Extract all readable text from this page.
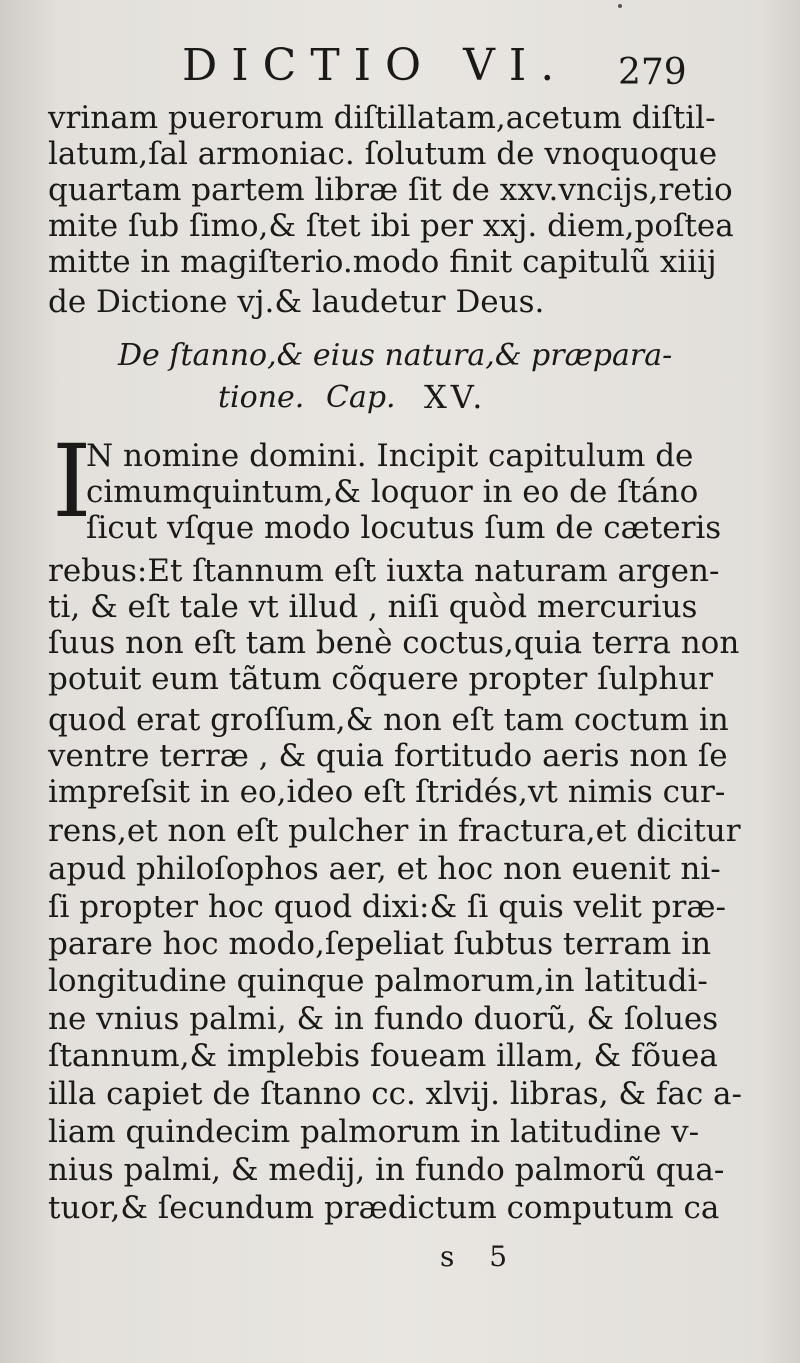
DICTIO VI. 279
vrinam puerorum diſtillatam,acetum diſtil-
latum,ſal armoniac. ſolutum de vnoquoque
quartam partem libræ ſit de xxv.vncijs,retio
mite ſub ſimo,& ſtet ibi per xxj. diem,poſtea
mitte in magiſterio.modo finit capitulũ xiiij
de Dictione vj.& laudetur Deus.
De ſtanno,& eius natura,& præpara-
tione. Cap. XV.
I
N nomine domini. Incipit capitulum de
cimumquintum,& loquor in eo de ſtáno
ſicut vſque modo locutus ſum de cæteris
rebus:Et ſtannum eſt iuxta naturam argen-
ti, & eſt tale vt illud , niſi quòd mercurius
ſuus non eſt tam benè coctus,quia terra non
potuit eum tãtum cõquere propter ſulphur
quod erat groſſum,& non eſt tam coctum in
ventre terræ , & quia fortitudo aeris non ſe
impreſsit in eo,ideo eſt ſtridés,vt nimis cur-
rens,et non eſt pulcher in fractura,et dicitur
apud philoſophos aer, et hoc non euenit ni-
ſi propter hoc quod dixi:& ſi quis velit præ-
parare hoc modo,ſepeliat ſubtus terram in
longitudine quinque palmorum,in latitudi-
ne vnius palmi, & in fundo duorũ, & ſolues
ſtannum,& implebis foueam illam, & fõuea
illa capiet de ſtanno cc. xlvij. libras, & fac a-
liam quindecim palmorum in latitudine v-
nius palmi, & medij, in fundo palmorũ qua-
tuor,& ſecundum prædictum computum ca
s 5
